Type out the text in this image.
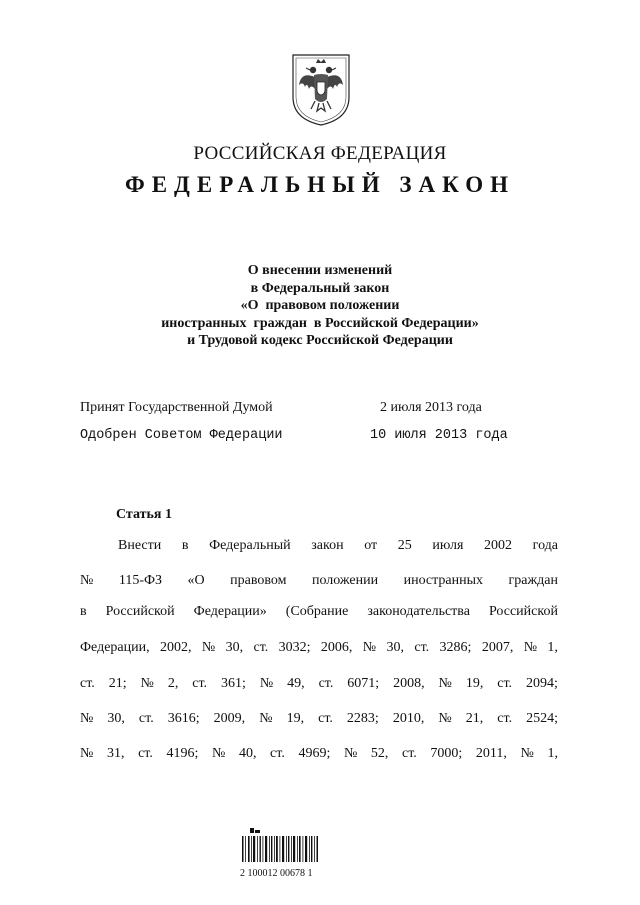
РОССИЙСКАЯ ФЕДЕРАЦИЯ
ФЕДЕРАЛЬНЫЙ ЗАКОН
О внесении изменений
в Федеральный закон
«О  правовом положении
иностранных  граждан  в Российской Федерации»
и Трудовой кодекс Российской Федерации
Принят Государственной Думой	2 июля 2013 года
Одобрен Советом Федерации	10 июля 2013 года
Статья 1
Внести в Федеральный закон от 25 июля 2002 года
№ 115-ФЗ «О правовом положении иностранных граждан
в Российской Федерации» (Собрание законодательства Российской
Федерации, 2002, № 30, ст. 3032; 2006, № 30, ст. 3286; 2007, № 1,
ст. 21; № 2, ст. 361; № 49, ст. 6071; 2008, № 19, ст. 2094;
№ 30, ст. 3616; 2009, № 19, ст. 2283; 2010, № 21, ст. 2524;
№ 31, ст. 4196; № 40, ст. 4969; № 52, ст. 7000; 2011, № 1,
2 100012 00678 1
